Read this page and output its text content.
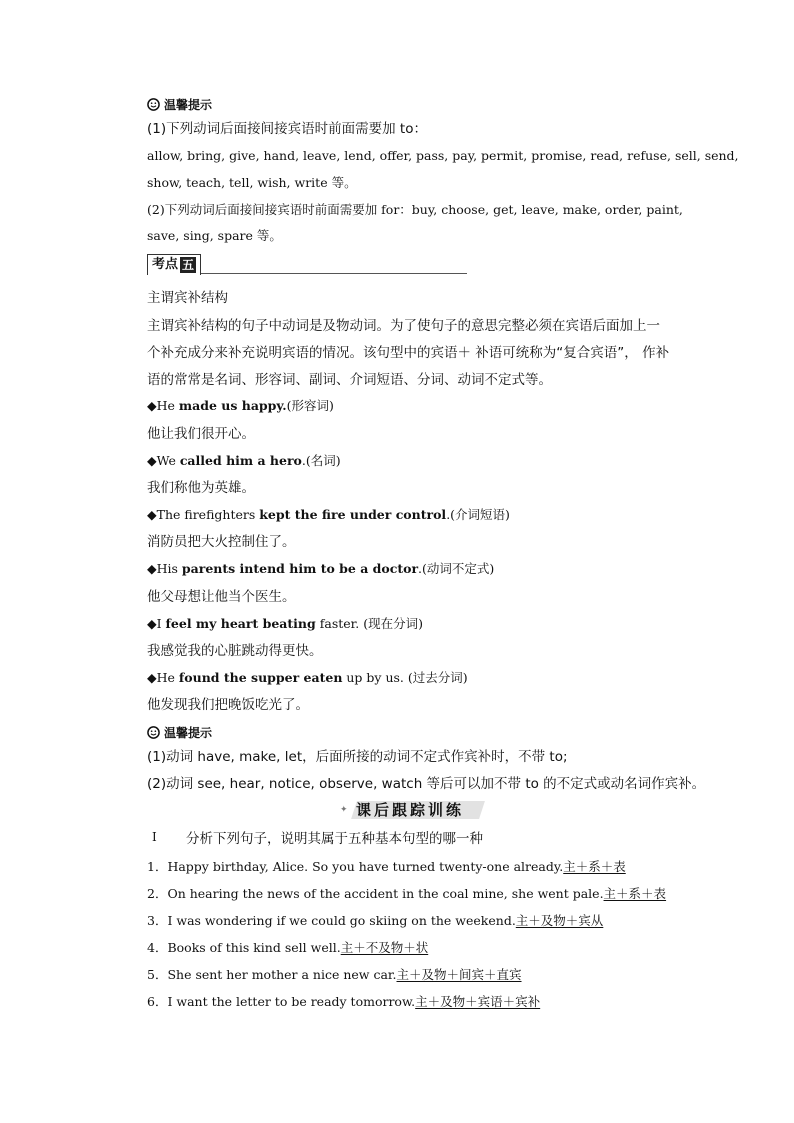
温馨提示
(1)下列动词后面接间接宾语时前面需要加 to：
allow, bring, give, hand, leave, lend, offer, pass, pay, permit, promise, read, refuse, sell, send,
show, teach, tell, wish, write 等。
(2)下列动词后面接间接宾语时前面需要加 for：buy, choose, get, leave, make, order, paint,
save, sing, spare 等。
考点 五
主谓宾补结构
主谓宾补结构的句子中动词是及物动词。为了使句子的意思完整必须在宾语后面加上一
个补充成分来补充说明宾语的情况。该句型中的宾语＋ 补语可统称为“复合宾语”， 作补
语的常常是名词、形容词、副词、介词短语、分词、动词不定式等。
◆He made us happy.(形容词)
他让我们很开心。
◆We called him a hero.(名词)
我们称他为英雄。
◆The firefighters kept the fire under control.(介词短语)
消防员把大火控制住了。
◆His parents intend him to be a doctor.(动词不定式)
他父母想让他当个医生。
◆I feel my heart beating faster. (现在分词)
我感觉我的心脏跳动得更快。
◆He found the supper eaten up by us. (过去分词)
他发现我们把晚饭吃光了。
温馨提示
(1)动词 have, make, let，后面所接的动词不定式作宾补时，不带 to;
(2)动词 see, hear, notice, observe, watch 等后可以加不带 to 的不定式或动名词作宾补。
✦ 课后跟踪训练
Ⅰ 分析下列句子，说明其属于五种基本句型的哪一种
1．Happy birthday, Alice. So you have turned twenty-one already.主＋系＋表
2．On hearing the news of the accident in the coal mine, she went pale.主＋系＋表
3．I was wondering if we could go skiing on the weekend.主＋及物＋宾从
4．Books of this kind sell well.主＋不及物＋状
5．She sent her mother a nice new car.主＋及物＋间宾＋直宾
6．I want the letter to be ready tomorrow.主＋及物＋宾语＋宾补
